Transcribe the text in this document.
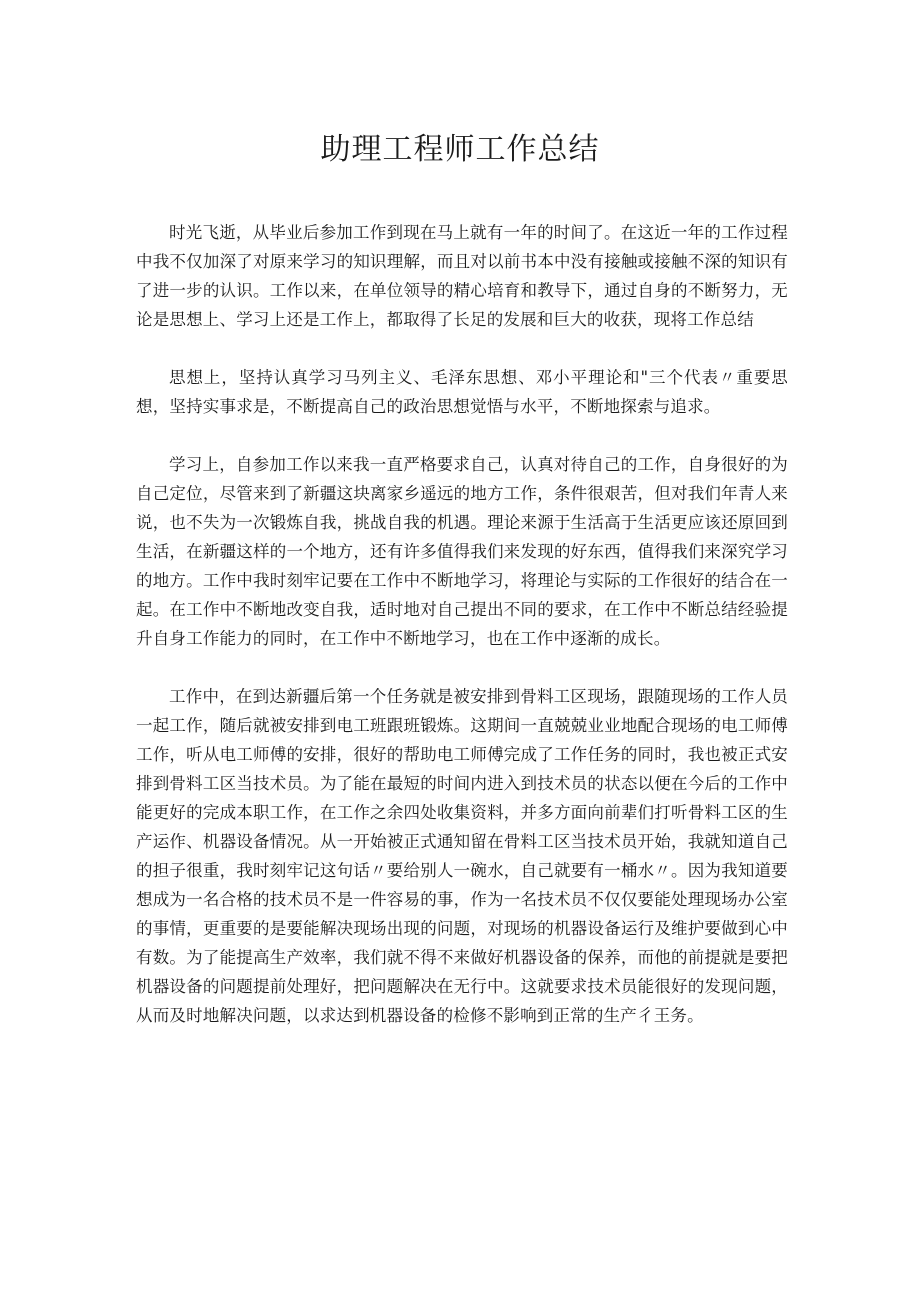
助理工程师工作总结

时光飞逝，从毕业后参加工作到现在马上就有一年的时间了。在这近一年的工作过程中我不仅加深了对原来学习的知识理解，而且对以前书本中没有接触或接触不深的知识有了进一步的认识。工作以来，在单位领导的精心培育和教导下，通过自身的不断努力，无论是思想上、学习上还是工作上，都取得了长足的发展和巨大的收获，现将工作总结

思想上，坚持认真学习马列主义、毛泽东思想、邓小平理论和"三个代表〃重要思想，坚持实事求是，不断提高自己的政治思想觉悟与水平，不断地探索与追求。

学习上，自参加工作以来我一直严格要求自己，认真对待自己的工作，自身很好的为自己定位，尽管来到了新疆这块离家乡遥远的地方工作，条件很艰苦，但对我们年青人来说，也不失为一次锻炼自我，挑战自我的机遇。理论来源于生活高于生活更应该还原回到生活，在新疆这样的一个地方，还有许多值得我们来发现的好东西，值得我们来深究学习的地方。工作中我时刻牢记要在工作中不断地学习，将理论与实际的工作很好的结合在一起。在工作中不断地改变自我，适时地对自己提出不同的要求，在工作中不断总结经验提升自身工作能力的同时，在工作中不断地学习，也在工作中逐渐的成长。

工作中，在到达新疆后第一个任务就是被安排到骨料工区现场，跟随现场的工作人员一起工作，随后就被安排到电工班跟班锻炼。这期间一直兢兢业业地配合现场的电工师傅工作，听从电工师傅的安排，很好的帮助电工师傅完成了工作任务的同时，我也被正式安排到骨料工区当技术员。为了能在最短的时间内进入到技术员的状态以便在今后的工作中能更好的完成本职工作，在工作之余四处收集资料，并多方面向前辈们打听骨料工区的生产运作、机器设备情况。从一开始被正式通知留在骨料工区当技术员开始，我就知道自己的担子很重，我时刻牢记这句话〃要给别人一碗水，自己就要有一桶水〃。因为我知道要想成为一名合格的技术员不是一件容易的事，作为一名技术员不仅仅要能处理现场办公室的事情，更重要的是要能解决现场出现的问题，对现场的机器设备运行及维护要做到心中有数。为了能提高生产效率，我们就不得不来做好机器设备的保养，而他的前提就是要把机器设备的问题提前处理好，把问题解决在无行中。这就要求技术员能很好的发现问题，从而及时地解决问题，以求达到机器设备的检修不影响到正常的生产彳王务。
